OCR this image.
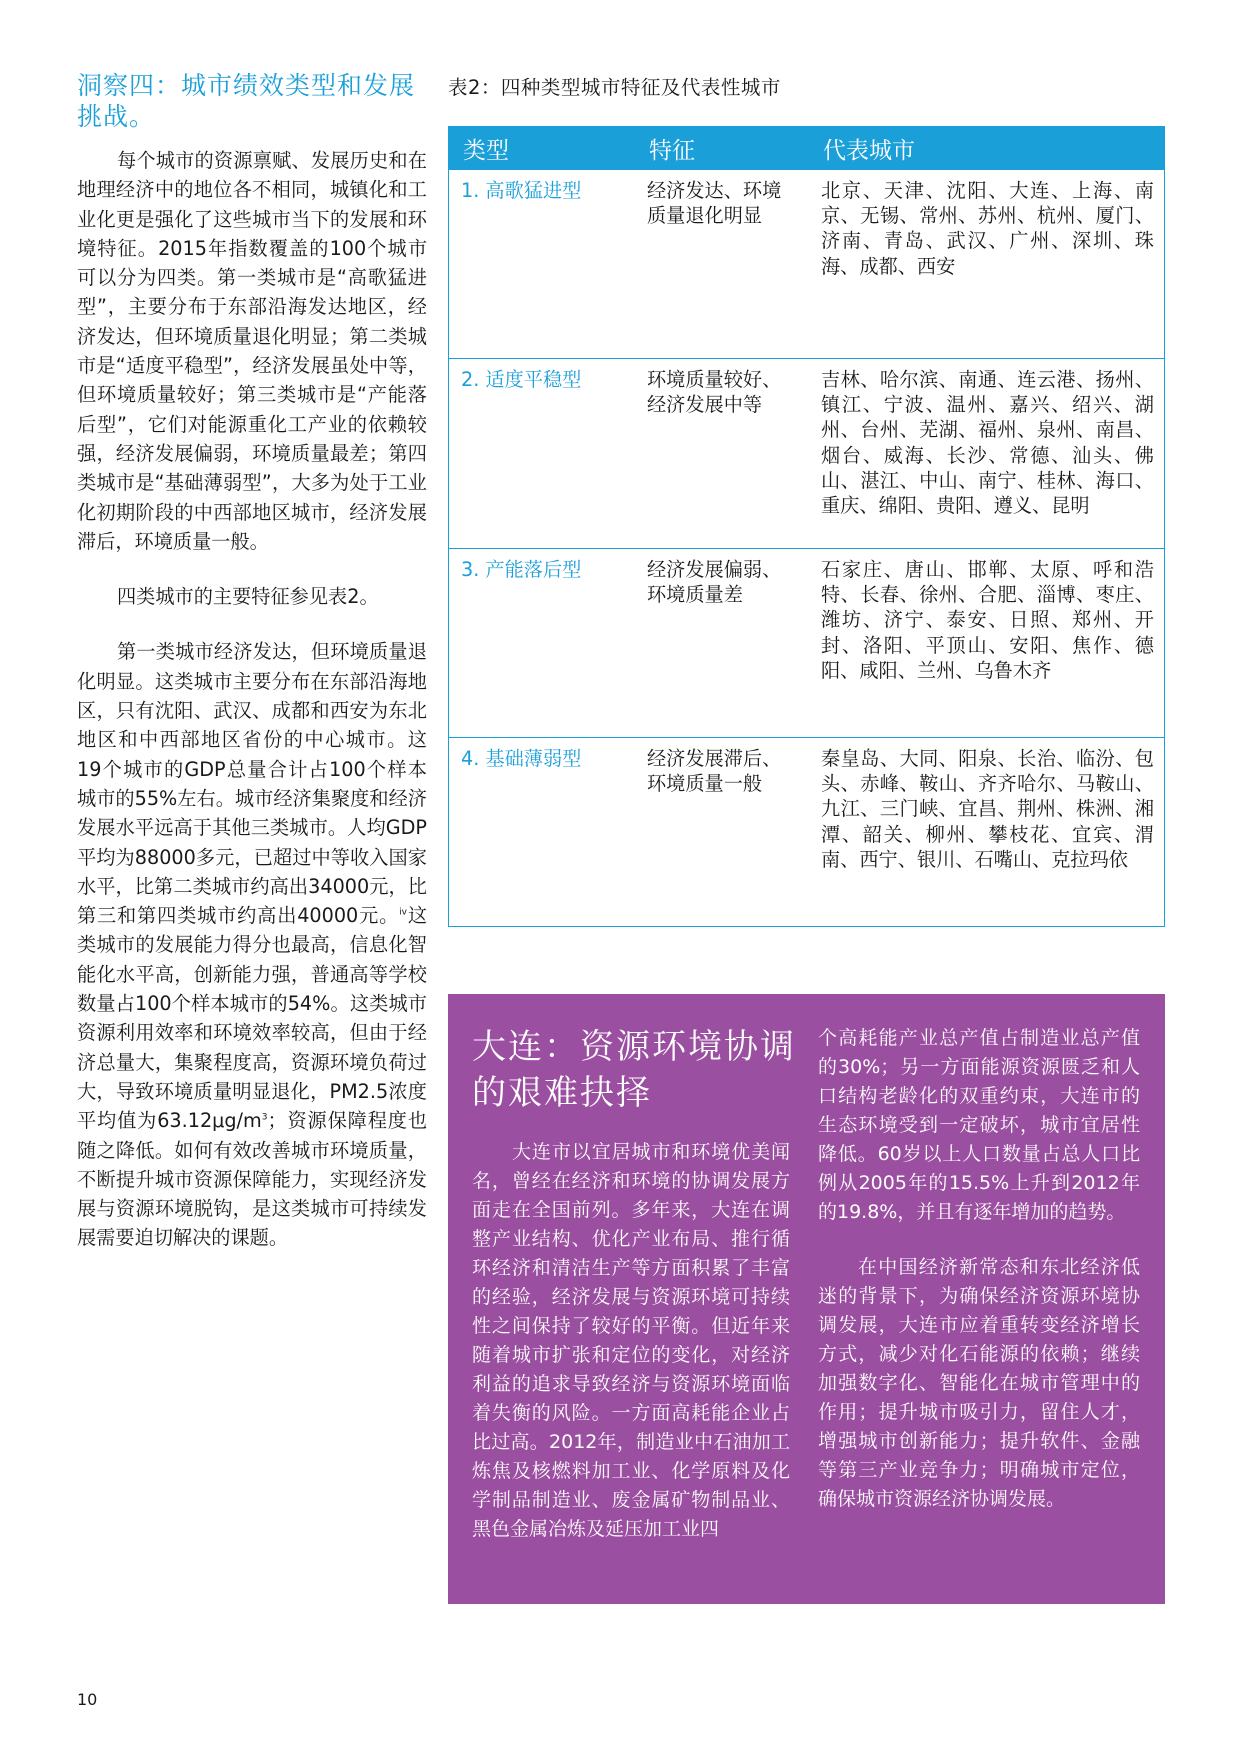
洞察四：城市绩效类型和发展挑战。

每个城市的资源禀赋、发展历史和在地理经济中的地位各不相同，城镇化和工业化更是强化了这些城市当下的发展和环境特征。2015年指数覆盖的100个城市可以分为四类。第一类城市是“高歌猛进型”，主要分布于东部沿海发达地区，经济发达，但环境质量退化明显；第二类城市是“适度平稳型”，经济发展虽处中等，但环境质量较好；第三类城市是“产能落后型”，它们对能源重化工产业的依赖较强，经济发展偏弱，环境质量最差；第四类城市是“基础薄弱型”，大多为处于工业化初期阶段的中西部地区城市，经济发展滞后，环境质量一般。

四类城市的主要特征参见表2。

第一类城市经济发达，但环境质量退化明显。这类城市主要分布在东部沿海地区，只有沈阳、武汉、成都和西安为东北地区和中西部地区省份的中心城市。这19个城市的GDP总量合计占100个样本城市的55%左右。城市经济集聚度和经济发展水平远高于其他三类城市。人均GDP平均为88000多元，已超过中等收入国家水平，比第二类城市约高出34000元，比第三和第四类城市约高出40000元。$^{iv}$这类城市的发展能力得分也最高，信息化智能化水平高，创新能力强，普通高等学校数量占100个样本城市的54%。这类城市资源利用效率和环境效率较高，但由于经济总量大，集聚程度高，资源环境负荷过大，导致环境质量明显退化，PM2.5浓度平均值为$63.12\mu g/m^3$；资源保障程度也随之降低。如何有效改善城市环境质量，不断提升城市资源保障能力，实现经济发展与资源环境脱钩，是这类城市可持续发展需要迫切解决的课题。

表2：四种类型城市特征及代表性城市
类型	特征	代表城市
1. 高歌猛进型	经济发达、环境质量退化明显	北京、天津、沈阳、大连、上海、南京、无锡、常州、苏州、杭州、厦门、济南、青岛、武汉、广州、深圳、珠海、成都、西安
2. 适度平稳型	环境质量较好、经济发展中等	吉林、哈尔滨、南通、连云港、扬州、镇江、宁波、温州、嘉兴、绍兴、湖州、台州、芜湖、福州、泉州、南昌、烟台、威海、长沙、常德、汕头、佛山、湛江、中山、南宁、桂林、海口、重庆、绵阳、贵阳、遵义、昆明
3. 产能落后型	经济发展偏弱、环境质量差	石家庄、唐山、邯郸、太原、呼和浩特、长春、徐州、合肥、淄博、枣庄、潍坊、济宁、泰安、日照、郑州、开封、洛阳、平顶山、安阳、焦作、德阳、咸阳、兰州、乌鲁木齐
4. 基础薄弱型	经济发展滞后、环境质量一般	秦皇岛、大同、阳泉、长治、临汾、包头、赤峰、鞍山、齐齐哈尔、马鞍山、九江、三门峡、宜昌、荆州、株洲、湘潭、韶关、柳州、攀枝花、宜宾、渭南、西宁、银川、石嘴山、克拉玛依
大连：资源环境协调的艰难抉择

大连市以宜居城市和环境优美闻名，曾经在经济和环境的协调发展方面走在全国前列。多年来，大连在调整产业结构、优化产业布局、推行循环经济和清洁生产等方面积累了丰富的经验，经济发展与资源环境可持续性之间保持了较好的平衡。但近年来随着城市扩张和定位的变化，对经济利益的追求导致经济与资源环境面临着失衡的风险。一方面高耗能企业占比过高。2012年，制造业中石油加工炼焦及核燃料加工业、化学原料及化学制品制造业、废金属矿物制品业、黑色金属冶炼及延压加工业四

个高耗能产业总产值占制造业总产值的30%；另一方面能源资源匮乏和人口结构老龄化的双重约束，大连市的生态环境受到一定破坏，城市宜居性降低。60岁以上人口数量占总人口比例从2005年的15.5%上升到2012年的19.8%，并且有逐年增加的趋势。

在中国经济新常态和东北经济低迷的背景下，为确保经济资源环境协调发展，大连市应着重转变经济增长方式，减少对化石能源的依赖；继续加强数字化、智能化在城市管理中的作用；提升城市吸引力，留住人才，增强城市创新能力；提升软件、金融等第三产业竞争力；明确城市定位，确保城市资源经济协调发展。

10
